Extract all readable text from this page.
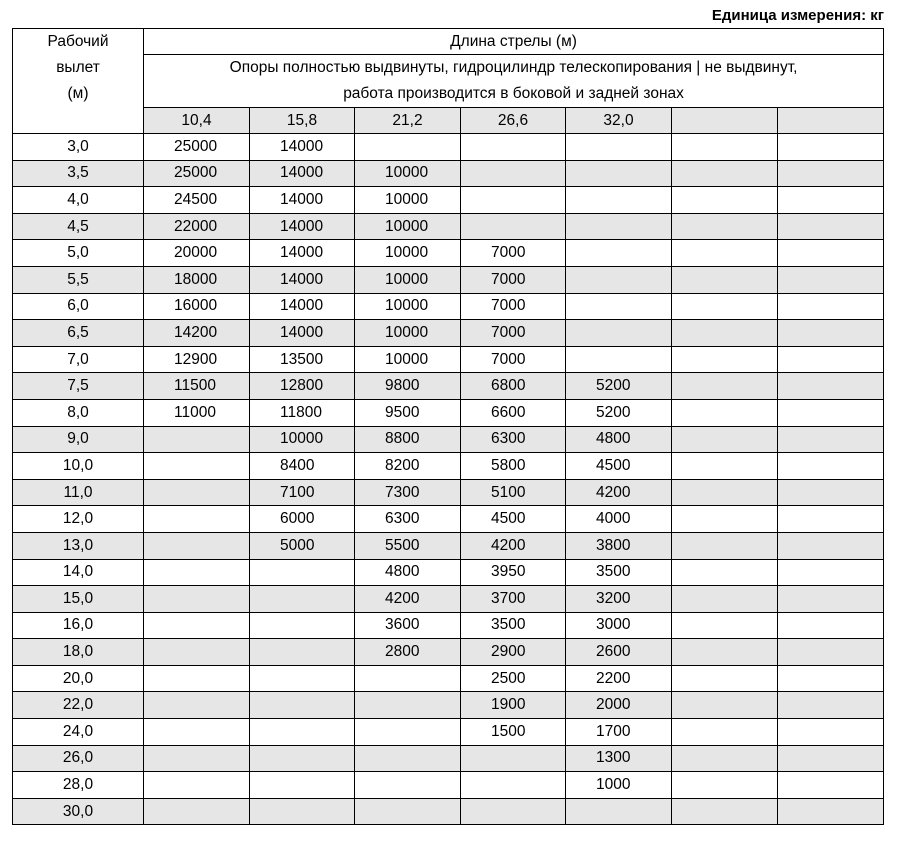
Единица измерения: кг
Рабочий
вылет
(м)	Длина стрелы (м)						

	Опоры полностью выдвинуты, гидроцилиндр телескопирования | не выдвинут,
работа производится в боковой и задней зонах						

	10,4	15,8	21,2	26,6	32,0		
3,0	25000	14000					
3,5	25000	14000	10000				
4,0	24500	14000	10000				
4,5	22000	14000	10000				
5,0	20000	14000	10000	7000			
5,5	18000	14000	10000	7000			
6,0	16000	14000	10000	7000			
6,5	14200	14000	10000	7000			
7,0	12900	13500	10000	7000			
7,5	11500	12800	9800	6800	5200		
8,0	11000	11800	9500	6600	5200		
9,0		10000	8800	6300	4800		
10,0		8400	8200	5800	4500		
11,0		7100	7300	5100	4200		
12,0		6000	6300	4500	4000		
13,0		5000	5500	4200	3800		
14,0			4800	3950	3500		
15,0			4200	3700	3200		
16,0			3600	3500	3000		
18,0			2800	2900	2600		
20,0				2500	2200		
22,0				1900	2000		
24,0				1500	1700		
26,0					1300		
28,0					1000		
30,0							
